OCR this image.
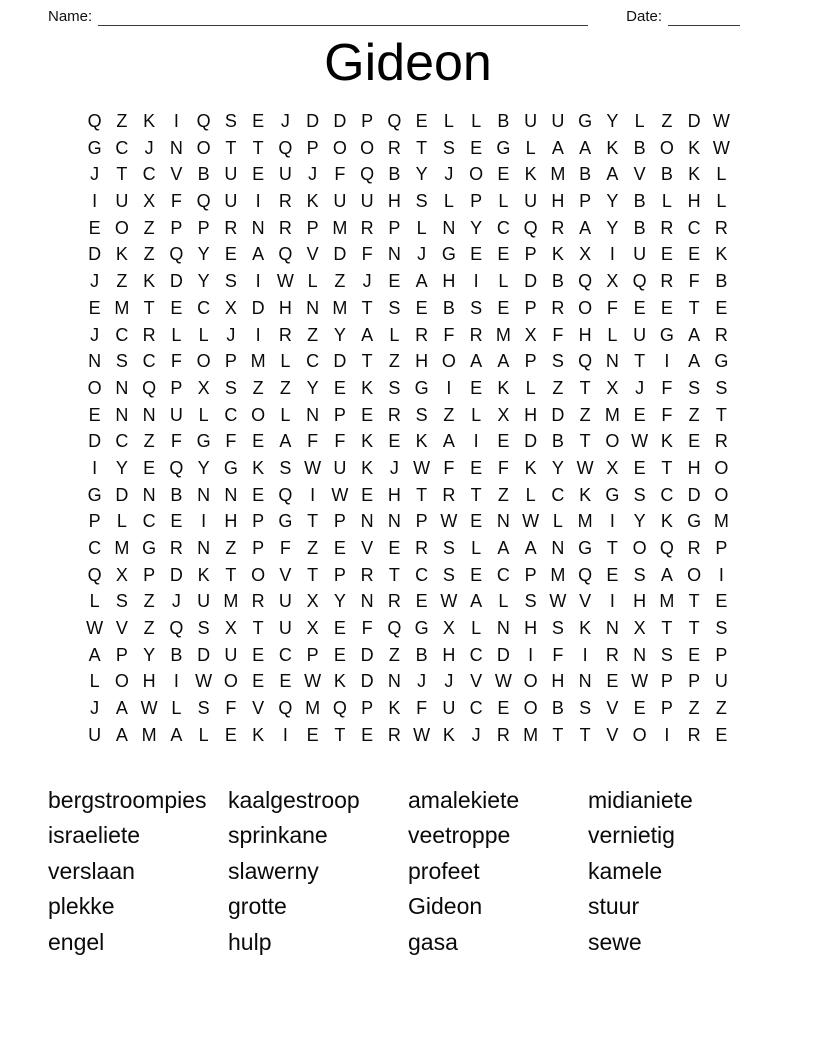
Name:	Date:
Gideon
Q Z K	I Q S E J D D P Q E L L B U U G Y L Z D W
G C J N O T T Q P O O R T S E G L A A K B O K W
J T C V B U E U J F Q B Y J O E K M B A V B K L
I	U X F Q U	I	R K U U H S L P L U H P Y B L H L
E O Z P P R N R P M R P L N Y C Q R A Y B R C R
D K Z Q Y E A Q V D F N J G E E P K X	I	U E E K
J Z K D Y S	I W L Z J E A H	I	L D B Q X Q R F B
E M T E C X D H N M T S E B S E P R O F E E T E
J C R L L J	I	R Z Y A L R F R M X F H L U G A R
N S C F O P M L C D T Z H O A A P S Q N T	I	A G
O N Q P X S Z Z Y E K S G I	E K L Z T X J F S S
E N N U L C O L N P E R S Z L X H D Z M E F Z T
D C Z F G F E A F F K E K A	I	E D B T O W K E R
I	Y E Q Y G K S W U K J W F E F K Y W X E T H O
G D N B N N E Q I W E H T R T Z L C K G S C D O
P L C E	I	H P G T P N N P W E N W L M I	Y K G M
C M G R N Z P F Z E V E R S L A A N G T O Q R P
Q X P D K T O V T P R T C S E C P M Q E S A O I
L S Z J U M R U X Y N R E W A L S W V	I	H M T E
W V Z Q S X T U X E F Q G X L N H S K N X T T S
A P Y B D U E C P E D Z B H C D	I	F	I	R N S E P
L O H	I W O E E W K D N J	J V W O H N E W P P U
J A W L S F V Q M Q P K F U C E O B S V E P Z Z
U A M A L E K	I	E T E R W K J R M T T V O I	R E
bergstroompies
israeliete
verslaan
plekke
engel
kaalgestroop
sprinkane
slawerny
grotte
hulp
amalekiete
veetroppe
profeet
Gideon
gasa
midianiete
vernietig
kamele
stuur
sewe
